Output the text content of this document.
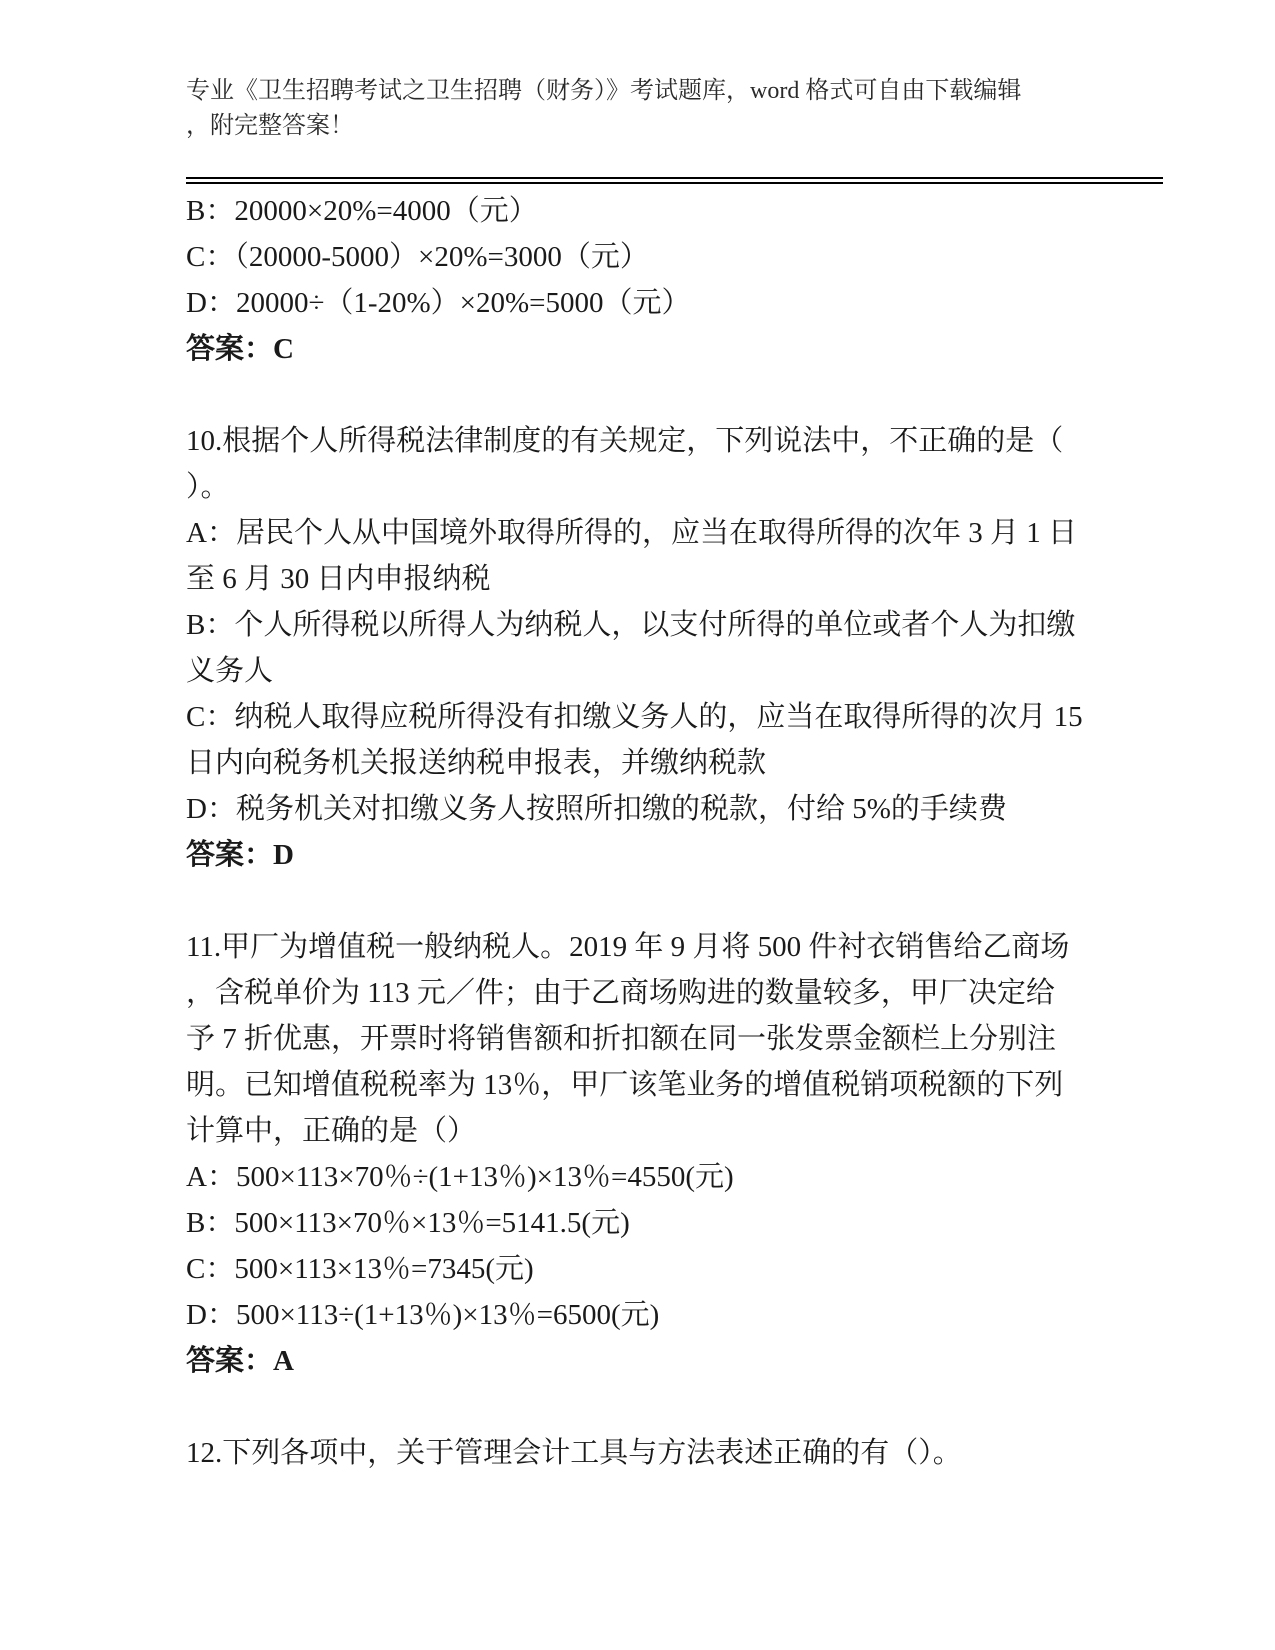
专业《卫生招聘考试之卫生招聘（财务）》考试题库，word 格式可自由下载编辑
，附完整答案！
B：20000×20%=4000（元）
C：（20000-5000）×20%=3000（元）
D：20000÷（1-20%）×20%=5000（元）
答案：C
10.根据个人所得税法律制度的有关规定，下列说法中，不正确的是（
）。
A：居民个人从中国境外取得所得的，应当在取得所得的次年 3 月 1 日
至 6 月 30 日内申报纳税
B：个人所得税以所得人为纳税人，以支付所得的单位或者个人为扣缴
义务人
C：纳税人取得应税所得没有扣缴义务人的，应当在取得所得的次月 15
日内向税务机关报送纳税申报表，并缴纳税款
D：税务机关对扣缴义务人按照所扣缴的税款，付给 5%的手续费
答案：D
11.甲厂为增值税一般纳税人。2019 年 9 月将 500 件衬衣销售给乙商场
，含税单价为 113 元／件；由于乙商场购进的数量较多，甲厂决定给
予 7 折优惠，开票时将销售额和折扣额在同一张发票金额栏上分别注
明。已知增值税税率为 13％，甲厂该笔业务的增值税销项税额的下列
计算中，正确的是（）
A：500×113×70％÷(1+13％)×13％=4550(元)
B：500×113×70％×13％=5141.5(元)
C：500×113×13％=7345(元)
D：500×113÷(1+13％)×13％=6500(元)
答案：A
12.下列各项中，关于管理会计工具与方法表述正确的有（）。
